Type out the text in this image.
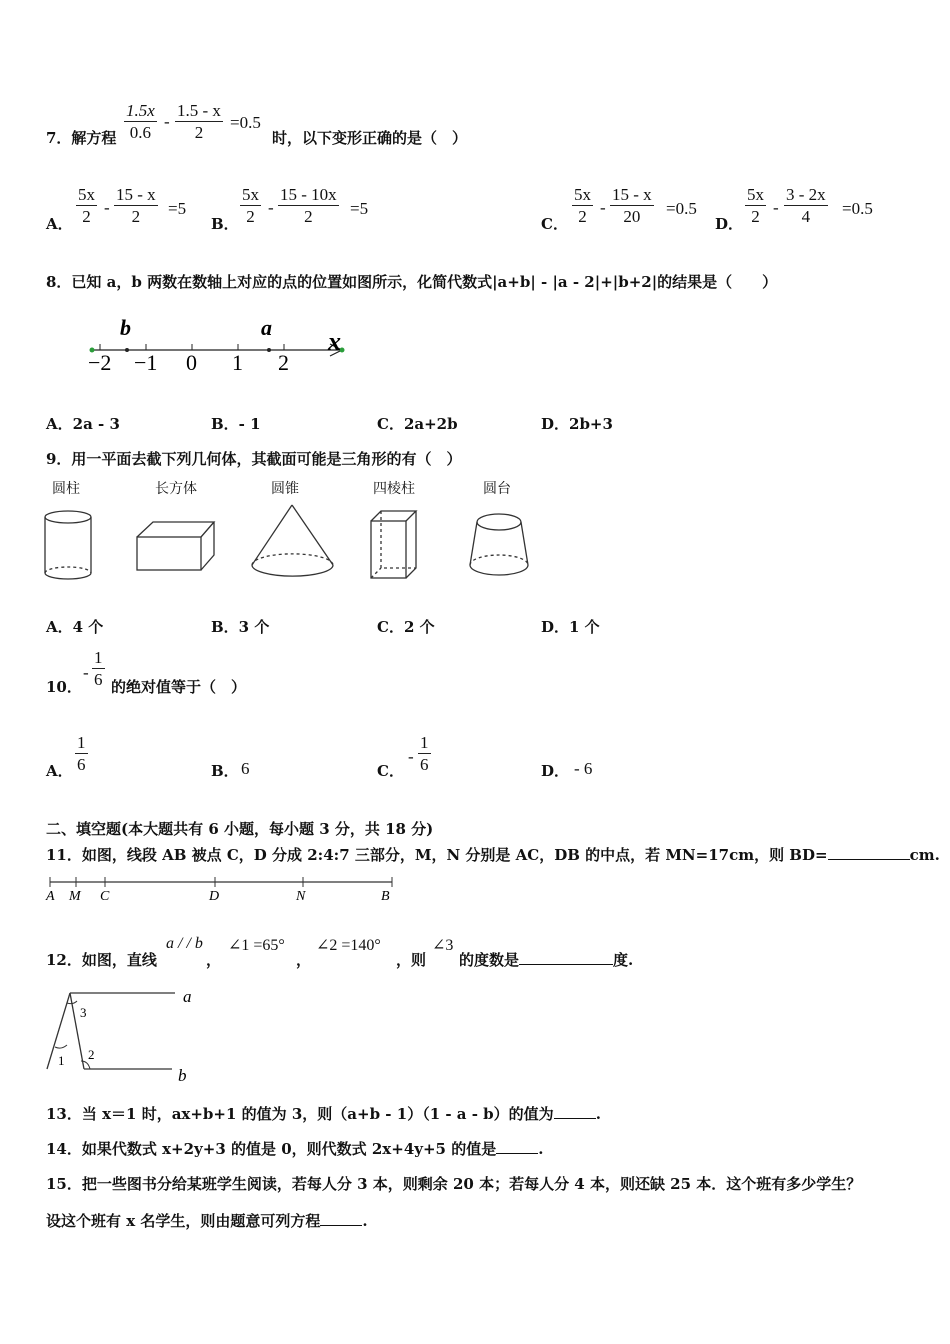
7．解方程 $\frac{1.5x}{0.6} - \frac{1.5 - x}{2} =0.5$
时，以下变形正确的是（　）
A． $\frac{5x}{2} - \frac{15 - x}{2} =5$
B． $\frac{5x}{2} - \frac{15 - 10x}{2} =5$
C． $\frac{5x}{2} - \frac{15 - x}{20} =0.5$
D． $\frac{5x}{2} - \frac{3 - 2x}{4} =0.5$
8．已知 a，b 两数在数轴上对应的点的位置如图所示，化简代数式|a+b| - |a - 2|+|b+2|的结果是（　　）
b	a x
−2 −1 0 1 2
A．2a - 3	B．- 1	C．2a+2b	D．2b+3
9．用一平面去截下列几何体，其截面可能是三角形的有（　）
圆柱	长方体	圆锥	四棱柱	圆台
A．4 个	B．3 个	C．2 个	D．1 个
10．
- $\frac{1}{6}$ 的绝对值等于（　）
A． $\frac{1}{6}$	B． 6	C．
- $\frac{1}{6}$	D． - 6
二、填空题(本大题共有 6 小题，每小题 3 分，共 18 分)
11．如图，线段 AB 被点 C，D 分成 2:4:7 三部分，M，N 分别是 AC，DB 的中点，若 MN=17cm，则 BD=	cm.
A M C	D	N	B
12．如图，直线
a / / b
，
∠1 =65°
，
∠2 =140°
，则
∠3
的度数是	度.
a
b
3
1 2
13．当 x＝1 时，ax+b+1 的值为 3，则（a+b - 1）（1 - a - b）的值为	.
14．如果代数式 x+2y+3 的值是 0，则代数式 2x+4y+5 的值是	.
15．把一些图书分给某班学生阅读，若每人分 3 本，则剩余 20 本；若每人分 4 本，则还缺 25 本．这个班有多少学生？
设这个班有 x 名学生，则由题意可列方程	.
